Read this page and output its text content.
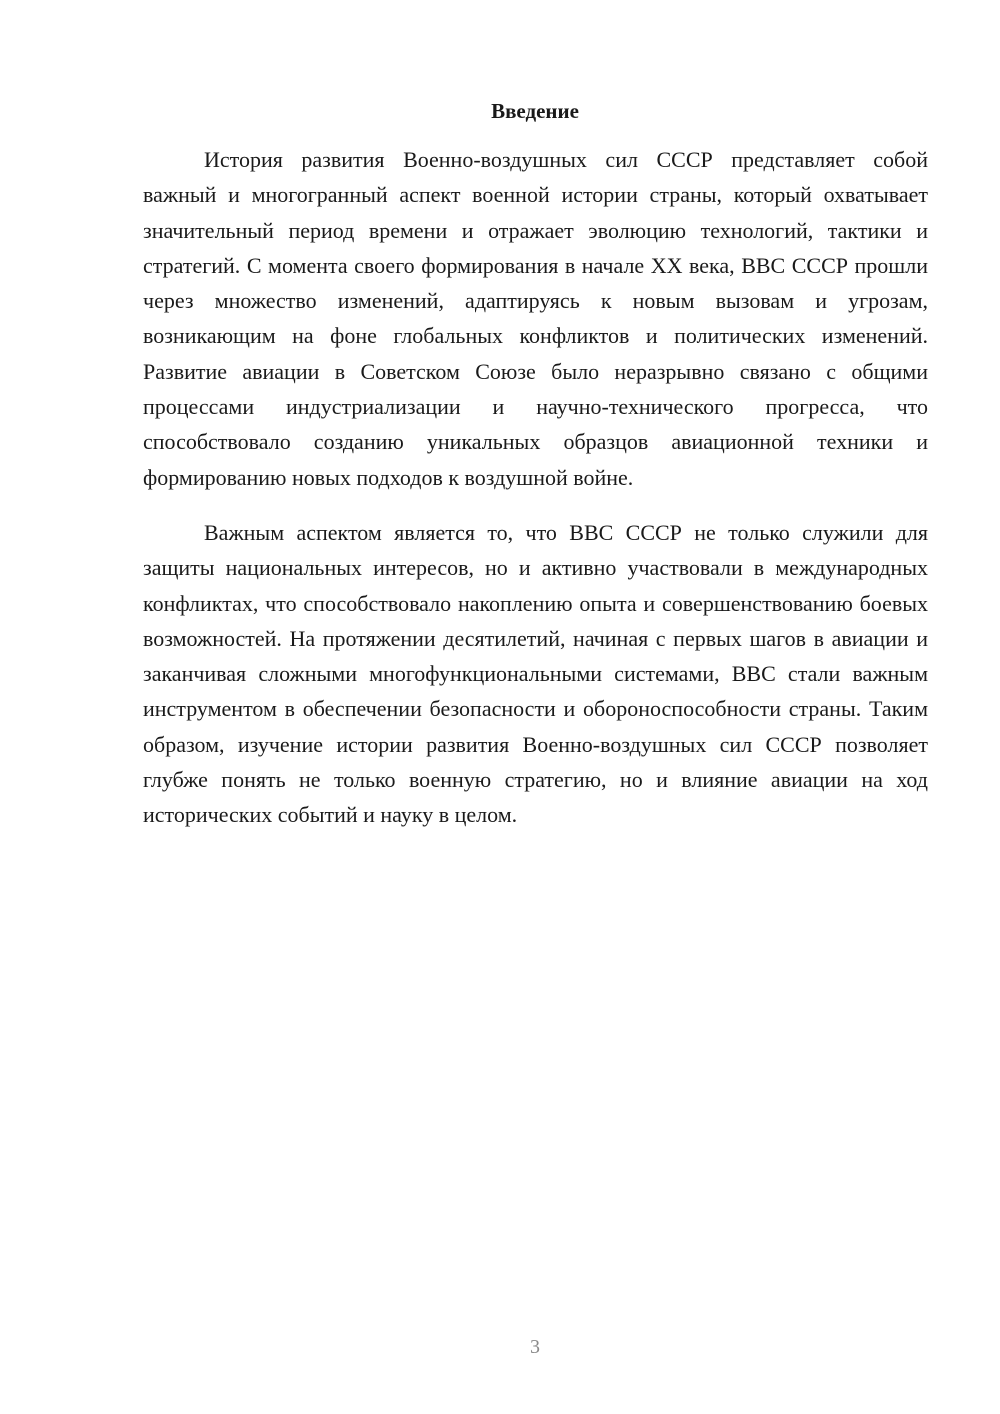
Введение

История развития Военно-воздушных сил СССР представляет собой важный и многогранный аспект военной истории страны, который охватывает значительный период времени и отражает эволюцию технологий, тактики и стратегий. С момента своего формирования в начале XX века, ВВС СССР прошли через множество изменений, адаптируясь к новым вызовам и угрозам, возникающим на фоне глобальных конфликтов и политических изменений. Развитие авиации в Советском Союзе было неразрывно связано с общими процессами индустриализации и научно-технического прогресса, что способствовало созданию уникальных образцов авиационной техники и формированию новых подходов к воздушной войне.

Важным аспектом является то, что ВВС СССР не только служили для защиты национальных интересов, но и активно участвовали в международных конфликтах, что способствовало накоплению опыта и совершенствованию боевых возможностей. На протяжении десятилетий, начиная с первых шагов в авиации и заканчивая сложными многофункциональными системами, ВВС стали важным инструментом в обеспечении безопасности и обороноспособности страны. Таким образом, изучение истории развития Военно-воздушных сил СССР позволяет глубже понять не только военную стратегию, но и влияние авиации на ход исторических событий и науку в целом.

3
